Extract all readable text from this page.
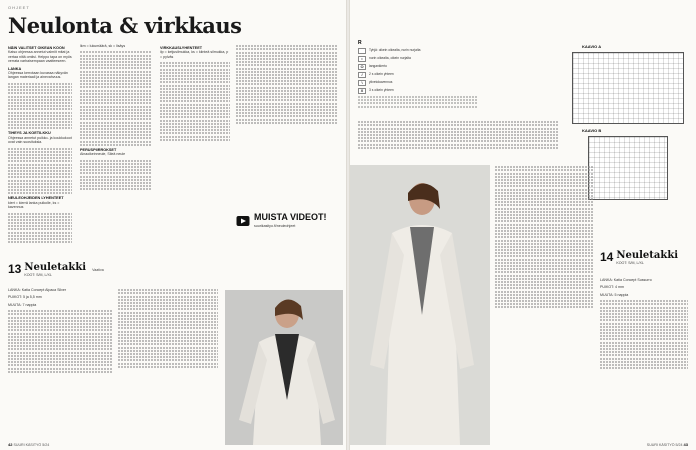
OHJEET
Neulonta & virkkaus
NÄIN VALITSET OIKEAN KOON

Katso ohjeessa annetut valmiit mitat ja vertaa niitä omiisi. Helppo tapa on myös verrata varhaisempaan vaatteeseen.

LANKA

Ohjeessa kerrotaan kuvassa näkyvän langan materiaali ja ainevahvuus.

TIHEYS JA KOETILKKU

Ohjeessa annetut puikko- ja koukkukoot ovat vain suosituksia.

NEULEOHJEIDEN LYHENTEET

kiert = kierrä lanka puikolle, ks = kavennus

lkm = lukumäärä, sk = lisäys

PERUSPIIRROKSET

Ainaoikeinneule, Sileä neule

VIRKKAUSLYHENTEET

ilp = ketjusilmukka, ks = kiinteä silmukka, p = pylväs

MUISTA VIDEOT!
suurikasityo.fi/neuleohjeet
13 Neuletakki
KOOT: S/M, L/XL
Vaativa

LANKA: Katia Concept Alpaca Silver

PUIKOT: 5 ja 5,5 mm

MUUTA: 7 nappia

42 SUURI KÄSITYÖ 5/24
R
Tyhjä: oikein oikealta, nurin nurjalta
•	nurin oikealta, oikein nurjalta
O	langankierto
/	2 s oikein yhteen
\	ylivetokavennus
X	3 s oikein yhteen
KAAVIO A
KAAVIO B
14 Neuletakki
KOOT: S/M, L/XL

LANKA: Katia Concept Sussurro

PUIKOT: 4 mm

MUUTA: 5 nappia

SUURI KÄSITYÖ 5/24 43
